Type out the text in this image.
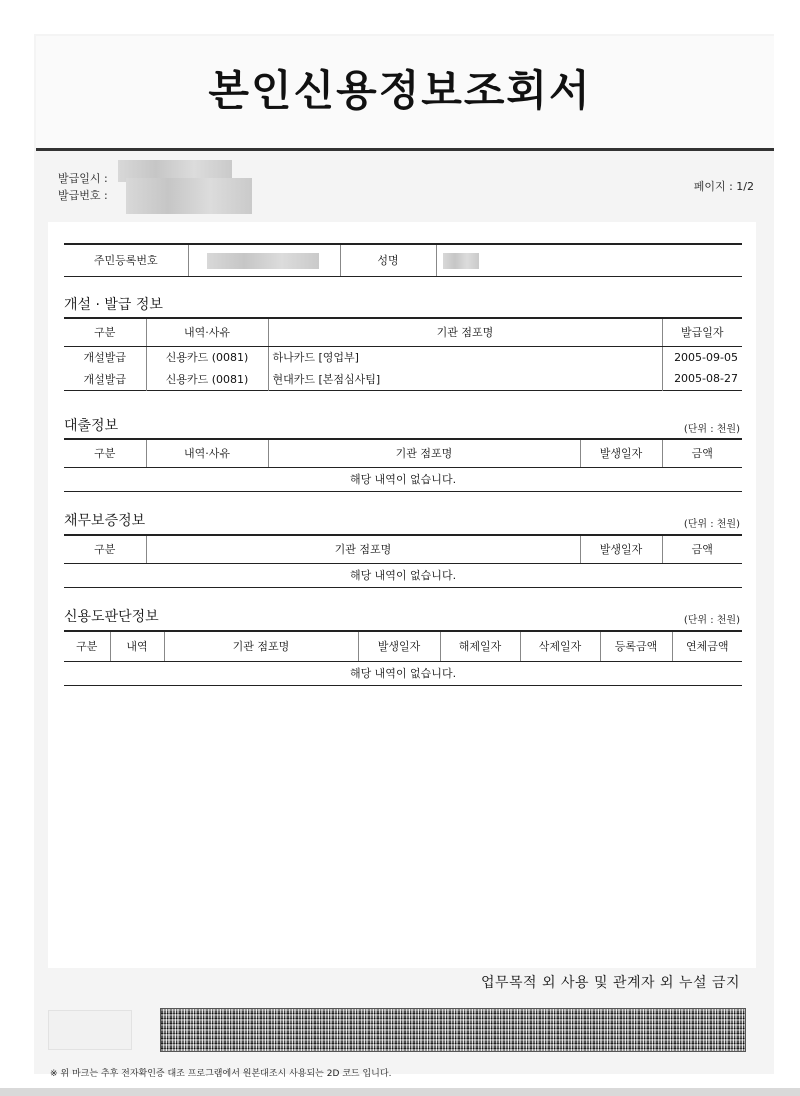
본인신용정보조회서
발급일시 :
발급번호 :
페이지 : 1/2
주민등록번호		성명	
개설 · 발급 정보
구분	내역·사유	기관 점포명	발급일자
개설발급	신용카드 (0081)	하나카드 [영업부]	2005-09-05
개설발급	신용카드 (0081)	현대카드 [본점심사팀]	2005-08-27
대출정보	(단위 : 천원)
구분	내역·사유	기관 점포명	발생일자	금액
해당 내역이 없습니다.
채무보증정보	(단위 : 천원)
구분	기관 점포명	발생일자	금액
해당 내역이 없습니다.
신용도판단정보	(단위 : 천원)
구분	내역	기관 점포명	발생일자	해제일자	삭제일자	등록금액	연체금액
해당 내역이 없습니다.
업무목적 외 사용 및 관계자 외 누설 금지
※ 위 마크는 추후 전자확인증 대조 프로그램에서 원본대조시 사용되는 2D 코드 입니다.
